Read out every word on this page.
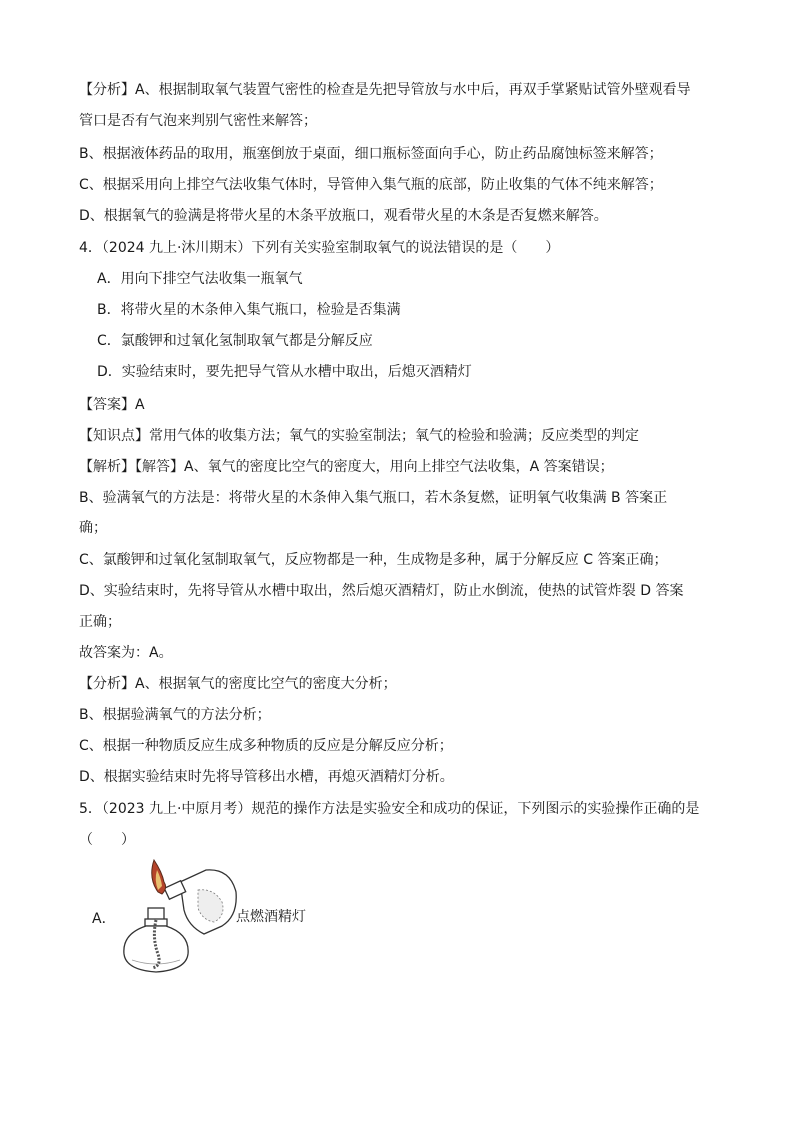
【分析】A、根据制取氧气装置气密性的检查是先把导管放与水中后，再双手掌紧贴试管外壁观看导
管口是否有气泡来判别气密性来解答；
B、根据液体药品的取用，瓶塞倒放于桌面，细口瓶标签面向手心，防止药品腐蚀标签来解答；
C、根据采用向上排空气法收集气体时，导管伸入集气瓶的底部，防止收集的气体不纯来解答；
D、根据氧气的验满是将带火星的木条平放瓶口，观看带火星的木条是否复燃来解答。
4．（2024 九上·沐川期末）下列有关实验室制取氧气的说法错误的是（　　）
A．用向下排空气法收集一瓶氧气
B．将带火星的木条伸入集气瓶口，检验是否集满
C．氯酸钾和过氧化氢制取氧气都是分解反应
D．实验结束时，要先把导气管从水槽中取出，后熄灭酒精灯
【答案】A
【知识点】常用气体的收集方法；氧气的实验室制法；氧气的检验和验满；反应类型的判定
【解析】【解答】A、氧气的密度比空气的密度大，用向上排空气法收集，A 答案错误；
B、验满氧气的方法是：将带火星的木条伸入集气瓶口，若木条复燃，证明氧气收集满 B 答案正
确；
C、氯酸钾和过氧化氢制取氧气，反应物都是一种，生成物是多种，属于分解反应 C 答案正确；
D、实验结束时，先将导管从水槽中取出，然后熄灭酒精灯，防止水倒流，使热的试管炸裂 D 答案
正确；
故答案为：A。
【分析】A、根据氧气的密度比空气的密度大分析；
B、根据验满氧气的方法分析；
C、根据一种物质反应生成多种物质的反应是分解反应分析；
D、根据实验结束时先将导管移出水槽，再熄灭酒精灯分析。
5．（2023 九上·中原月考）规范的操作方法是实验安全和成功的保证，下列图示的实验操作正确的是
（　　）
A．	点燃酒精灯
